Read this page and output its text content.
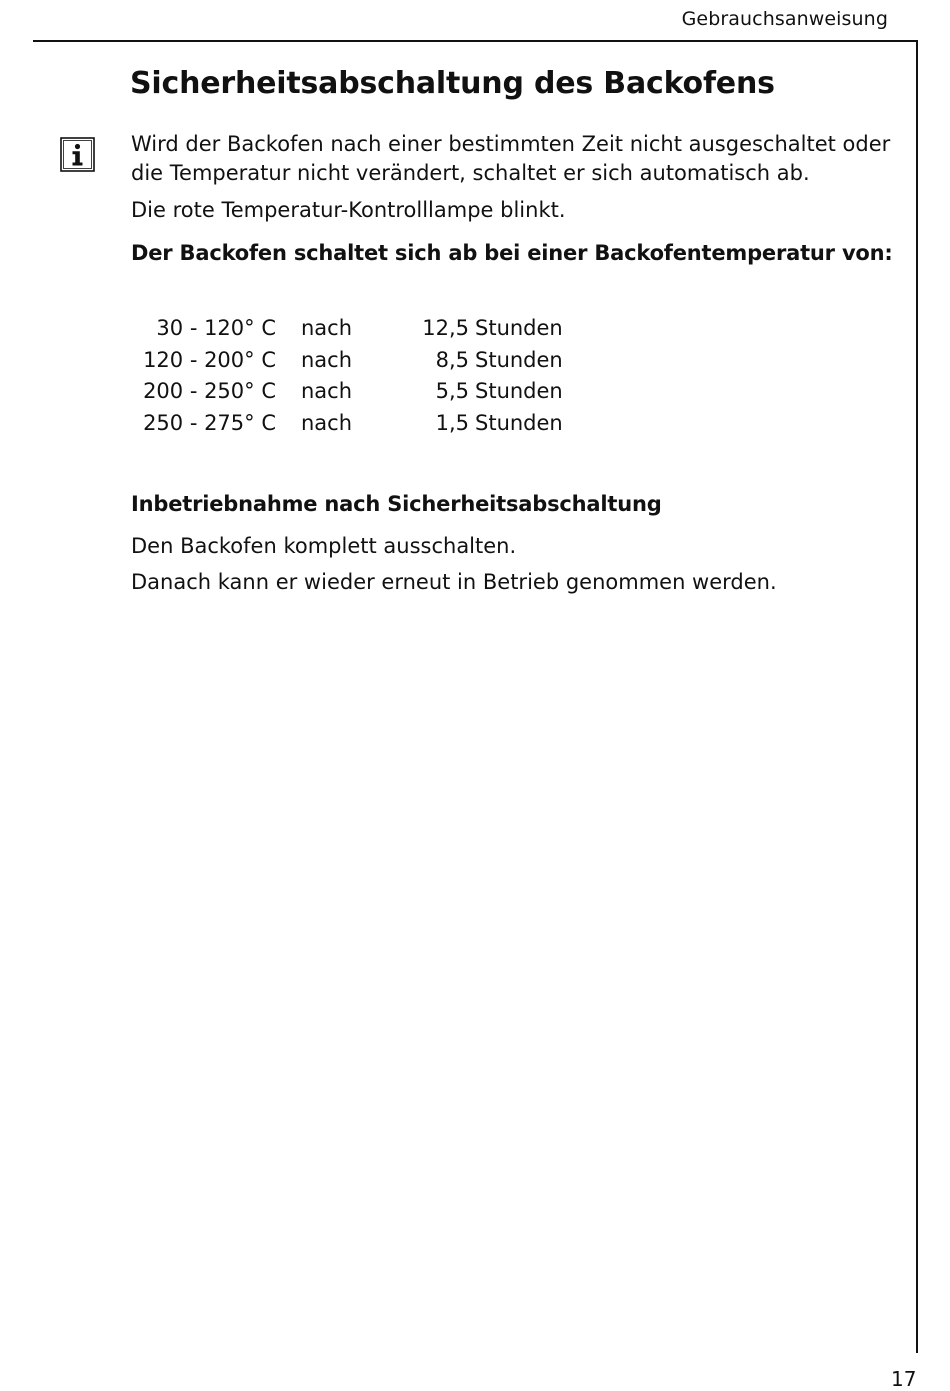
Gebrauchsanweisung
Sicherheitsabschaltung des Backofens
Wird der Backofen nach einer bestimmten Zeit nicht ausgeschaltet oder
die Temperatur nicht verändert, schaltet er sich automatisch ab.
Die rote Temperatur-Kontrolllampe blinkt.
Der Backofen schaltet sich ab bei einer Backofentemperatur von:
30 - 120° C	nach	12,5	Stunden
120 - 200° C	nach	8,5	Stunden
200 - 250° C	nach	5,5	Stunden
250 - 275° C	nach	1,5	Stunden
Inbetriebnahme nach Sicherheitsabschaltung
Den Backofen komplett ausschalten.
Danach kann er wieder erneut in Betrieb genommen werden.
17
